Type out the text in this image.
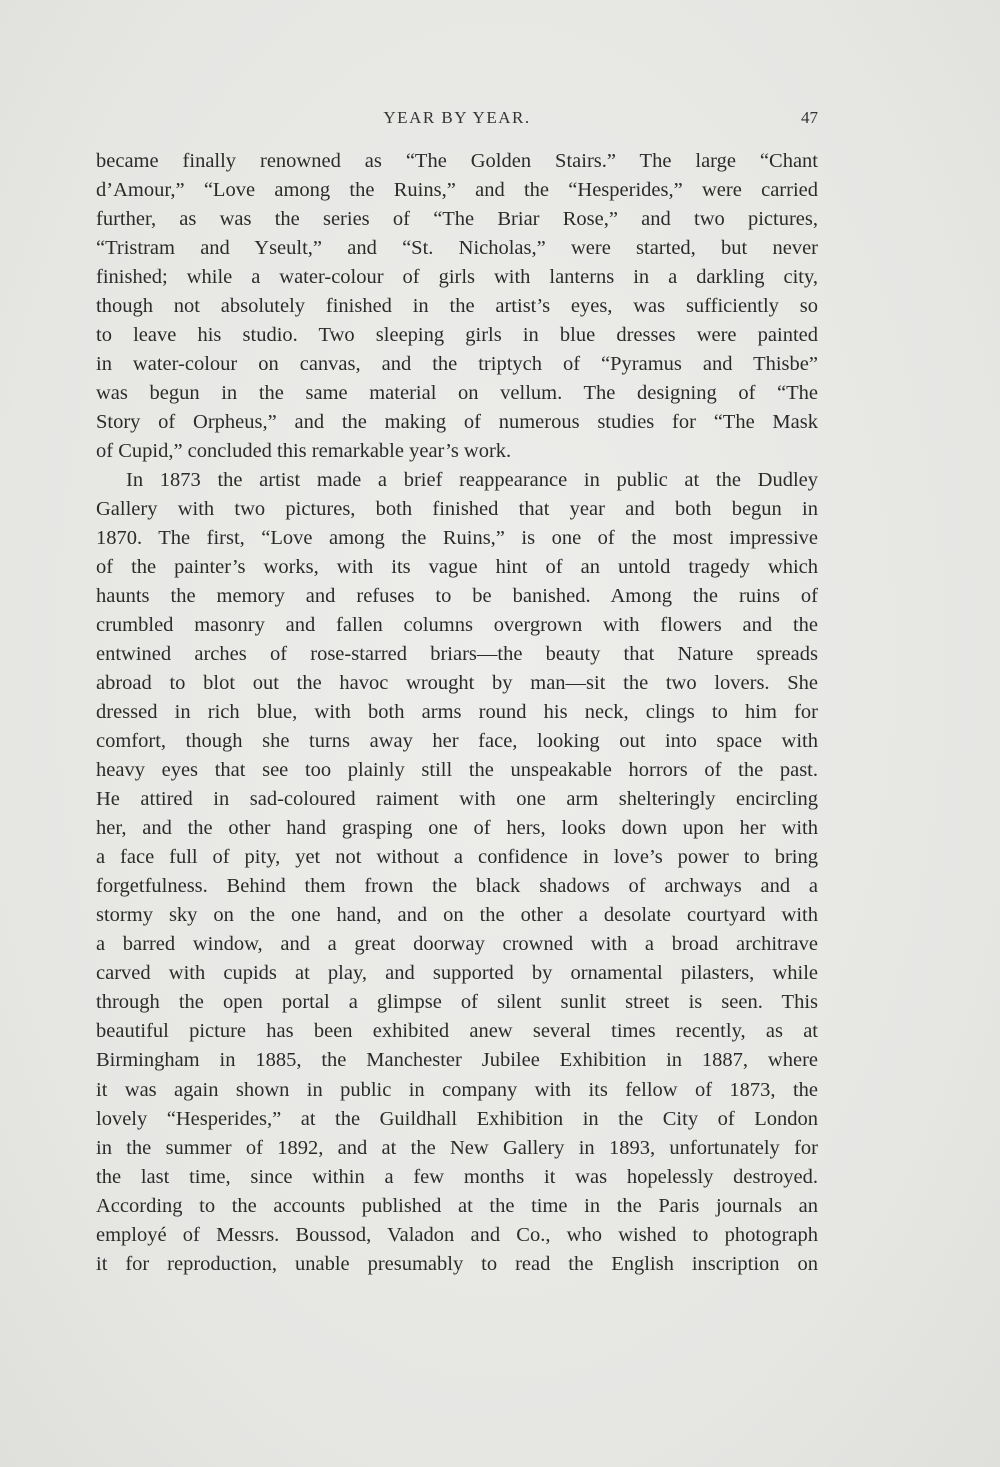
YEAR BY YEAR.	47
became finally renowned as “The Golden Stairs.” The large “Chant
d’Amour,” “Love among the Ruins,” and the “Hesperides,” were carried
further, as was the series of “The Briar Rose,” and two pictures,
“Tristram and Yseult,” and “St. Nicholas,” were started, but never
finished; while a water-colour of girls with lanterns in a darkling city,
though not absolutely finished in the artist’s eyes, was sufficiently so
to leave his studio. Two sleeping girls in blue dresses were painted
in water-colour on canvas, and the triptych of “Pyramus and Thisbe”
was begun in the same material on vellum. The designing of “The
Story of Orpheus,” and the making of numerous studies for “The Mask
of Cupid,” concluded this remarkable year’s work.
In 1873 the artist made a brief reappearance in public at the Dudley
Gallery with two pictures, both finished that year and both begun in
1870. The first, “Love among the Ruins,” is one of the most impressive
of the painter’s works, with its vague hint of an untold tragedy which
haunts the memory and refuses to be banished. Among the ruins of
crumbled masonry and fallen columns overgrown with flowers and the
entwined arches of rose-starred briars—the beauty that Nature spreads
abroad to blot out the havoc wrought by man—sit the two lovers. She
dressed in rich blue, with both arms round his neck, clings to him for
comfort, though she turns away her face, looking out into space with
heavy eyes that see too plainly still the unspeakable horrors of the past.
He attired in sad-coloured raiment with one arm shelteringly encircling
her, and the other hand grasping one of hers, looks down upon her with
a face full of pity, yet not without a confidence in love’s power to bring
forgetfulness. Behind them frown the black shadows of archways and a
stormy sky on the one hand, and on the other a desolate courtyard with
a barred window, and a great doorway crowned with a broad architrave
carved with cupids at play, and supported by ornamental pilasters, while
through the open portal a glimpse of silent sunlit street is seen. This
beautiful picture has been exhibited anew several times recently, as at
Birmingham in 1885, the Manchester Jubilee Exhibition in 1887, where
it was again shown in public in company with its fellow of 1873, the
lovely “Hesperides,” at the Guildhall Exhibition in the City of London
in the summer of 1892, and at the New Gallery in 1893, unfortunately for
the last time, since within a few months it was hopelessly destroyed.
According to the accounts published at the time in the Paris journals an
employé of Messrs. Boussod, Valadon and Co., who wished to photograph
it for reproduction, unable presumably to read the English inscription on
